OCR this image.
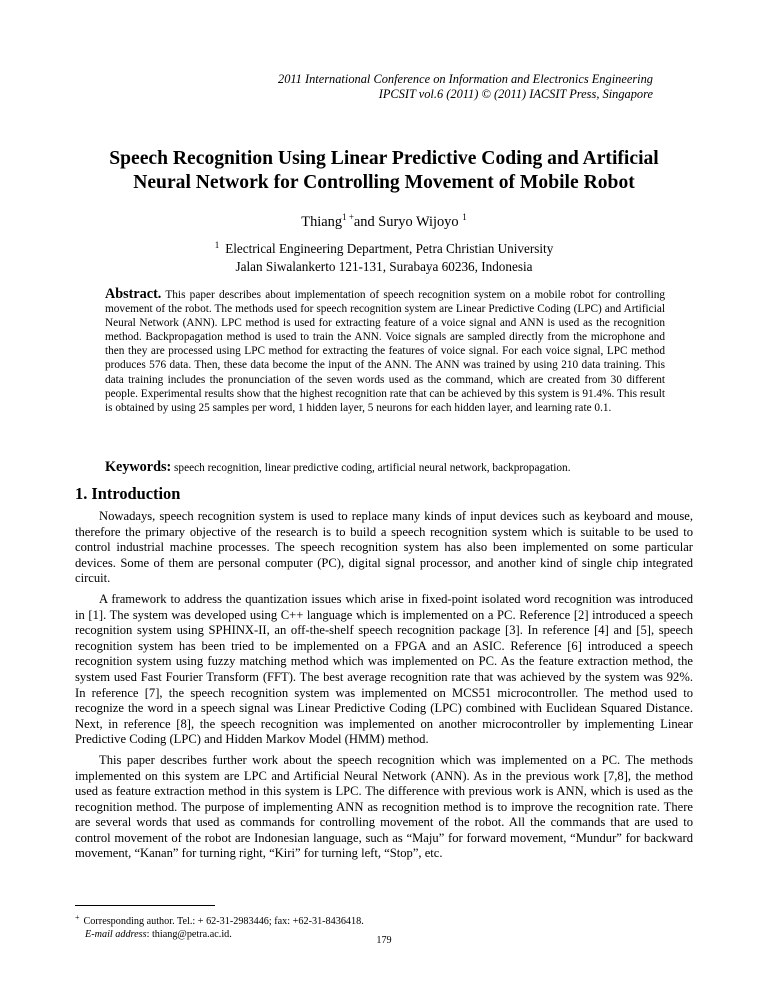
2011 International Conference on Information and Electronics Engineering
IPCSIT vol.6 (2011) © (2011) IACSIT Press, Singapore
Speech Recognition Using Linear Predictive Coding and Artificial
Neural Network for Controlling Movement of Mobile Robot
Thiang$^{1 +}$and Suryo Wijoyo $^1$
$^1$ Electrical Engineering Department, Petra Christian University
Jalan Siwalankerto 121-131, Surabaya 60236, Indonesia
Abstract. This paper describes about implementation of speech recognition system on a mobile robot for controlling movement of the robot. The methods used for speech recognition system are Linear Predictive Coding (LPC) and Artificial Neural Network (ANN). LPC method is used for extracting feature of a voice signal and ANN is used as the recognition method. Backpropagation method is used to train the ANN. Voice signals are sampled directly from the microphone and then they are processed using LPC method for extracting the features of voice signal. For each voice signal, LPC method produces 576 data. Then, these data become the input of the ANN. The ANN was trained by using 210 data training. This data training includes the pronunciation of the seven words used as the command, which are created from 30 different people. Experimental results show that the highest recognition rate that can be achieved by this system is 91.4%. This result is obtained by using 25 samples per word, 1 hidden layer, 5 neurons for each hidden layer, and learning rate 0.1.
Keywords: speech recognition, linear predictive coding, artificial neural network, backpropagation.
1. Introduction

Nowadays, speech recognition system is used to replace many kinds of input devices such as keyboard and mouse, therefore the primary objective of the research is to build a speech recognition system which is suitable to be used to control industrial machine processes. The speech recognition system has also been implemented on some particular devices. Some of them are personal computer (PC), digital signal processor, and another kind of single chip integrated circuit.

A framework to address the quantization issues which arise in fixed-point isolated word recognition was introduced in [1]. The system was developed using C++ language which is implemented on a PC. Reference [2] introduced a speech recognition system using SPHINX-II, an off-the-shelf speech recognition package [3]. In reference [4] and [5], speech recognition system has been tried to be implemented on a FPGA and an ASIC. Reference [6] introduced a speech recognition system using fuzzy matching method which was implemented on PC. As the feature extraction method, the system used Fast Fourier Transform (FFT). The best average recognition rate that was achieved by the system was 92%. In reference [7], the speech recognition system was implemented on MCS51 microcontroller. The method used to recognize the word in a speech signal was Linear Predictive Coding (LPC) combined with Euclidean Squared Distance. Next, in reference [8], the speech recognition was implemented on another microcontroller by implementing Linear Predictive Coding (LPC) and Hidden Markov Model (HMM) method.

This paper describes further work about the speech recognition which was implemented on a PC. The methods implemented on this system are LPC and Artificial Neural Network (ANN). As in the previous work [7,8], the method used as feature extraction method in this system is LPC. The difference with previous work is ANN, which is used as the recognition method. The purpose of implementing ANN as recognition method is to improve the recognition rate. There are several words that used as commands for controlling movement of the robot. All the commands that are used to control movement of the robot are Indonesian language, such as “Maju” for forward movement, “Mundur” for backward movement, “Kanan” for turning right, “Kiri” for turning left, “Stop”, etc.

+ Corresponding author. Tel.: + 62-31-2983446; fax: +62-31-8436418.
E-mail address: thiang@petra.ac.id.
179
